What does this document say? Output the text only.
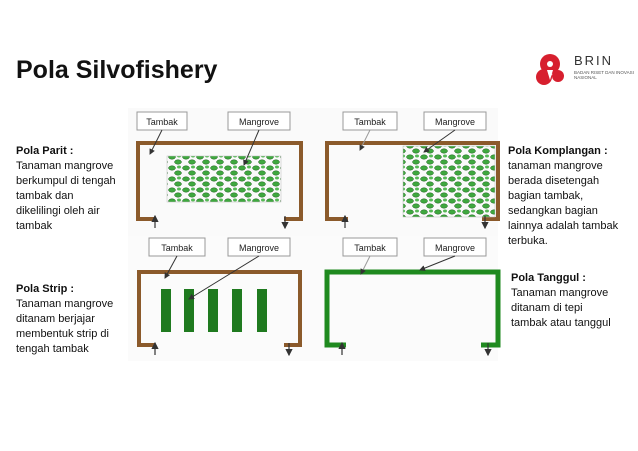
Pola Silvofishery	BRIN
BADAN RISET DAN INOVASI NASIONAL
Pola Parit :
Tanaman mangrove
berkumpul di tengah
tambak dan
dikelilingi oleh air
tambak
Pola Komplangan :
tanaman mangrove
berada disetengah
bagian tambak,
sedangkan bagian
lainnya adalah tambak
terbuka.
Pola Strip :
Tanaman mangrove
ditanam berjajar
membentuk strip di
tengah tambak
Pola Tanggul :
Tanaman mangrove
ditanam di tepi
tambak atau tanggul
Tambak	Mangrove	Tambak	Mangrove
Tambak	Mangrove	Tambak	Mangrove
